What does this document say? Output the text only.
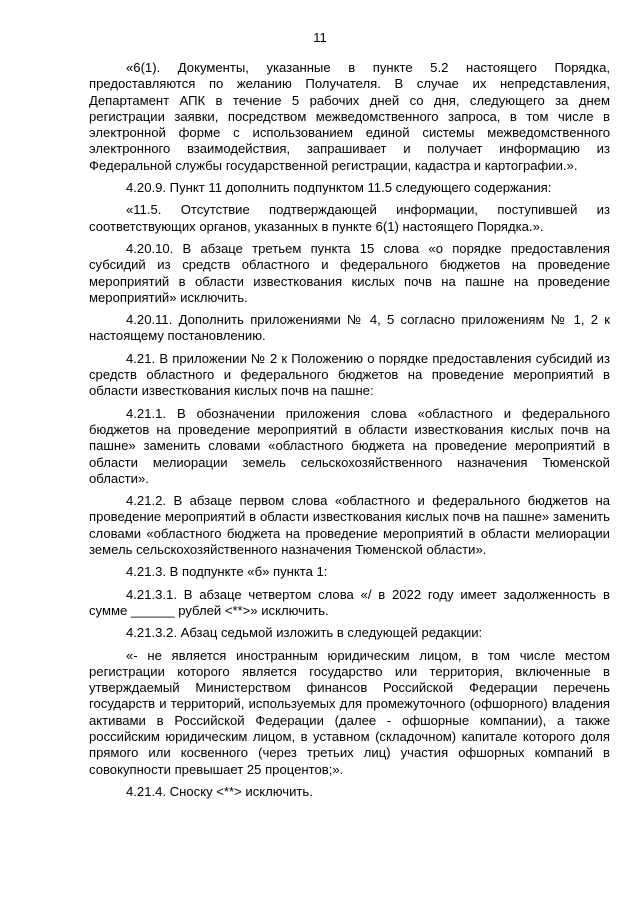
11

«6(1). Документы, указанные в пункте 5.2 настоящего Порядка, предоставляются по желанию Получателя. В случае их непредставления, Департамент АПК в течение 5 рабочих дней со дня, следующего за днем регистрации заявки, посредством межведомственного запроса, в том числе в электронной форме с использованием единой системы межведомственного электронного взаимодействия, запрашивает и получает информацию из Федеральной службы государственной регистрации, кадастра и картографии.».

4.20.9. Пункт 11 дополнить подпунктом 11.5 следующего содержания:

«11.5. Отсутствие подтверждающей информации, поступившей из соответствующих органов, указанных в пункте 6(1) настоящего Порядка.».

4.20.10. В абзаце третьем пункта 15 слова «о порядке предоставления субсидий из средств областного и федерального бюджетов на проведение мероприятий в области известкования кислых почв на пашне на проведение мероприятий» исключить.

4.20.11. Дополнить приложениями № 4, 5 согласно приложениям № 1, 2 к настоящему постановлению.

4.21. В приложении № 2 к Положению о порядке предоставления субсидий из средств областного и федерального бюджетов на проведение мероприятий в области известкования кислых почв на пашне:

4.21.1. В обозначении приложения слова «областного и федерального бюджетов на проведение мероприятий в области известкования кислых почв на пашне» заменить словами «областного бюджета на проведение мероприятий в области мелиорации земель сельскохозяйственного назначения Тюменской области».

4.21.2. В абзаце первом слова «областного и федерального бюджетов на проведение мероприятий в области известкования кислых почв на пашне» заменить словами «областного бюджета на проведение мероприятий в области мелиорации земель сельскохозяйственного назначения Тюменской области».

4.21.3. В подпункте «б» пункта 1:

4.21.3.1. В абзаце четвертом слова «/ в 2022 году имеет задолженность в сумме ______ рублей <**>» исключить.

4.21.3.2. Абзац седьмой изложить в следующей редакции:

«- не является иностранным юридическим лицом, в том числе местом регистрации которого является государство или территория, включенные в утверждаемый Министерством финансов Российской Федерации перечень государств и территорий, используемых для промежуточного (офшорного) владения активами в Российской Федерации (далее - офшорные компании), а также российским юридическим лицом, в уставном (складочном) капитале которого доля прямого или косвенного (через третьих лиц) участия офшорных компаний в совокупности превышает 25 процентов;».

4.21.4. Сноску <**> исключить.
